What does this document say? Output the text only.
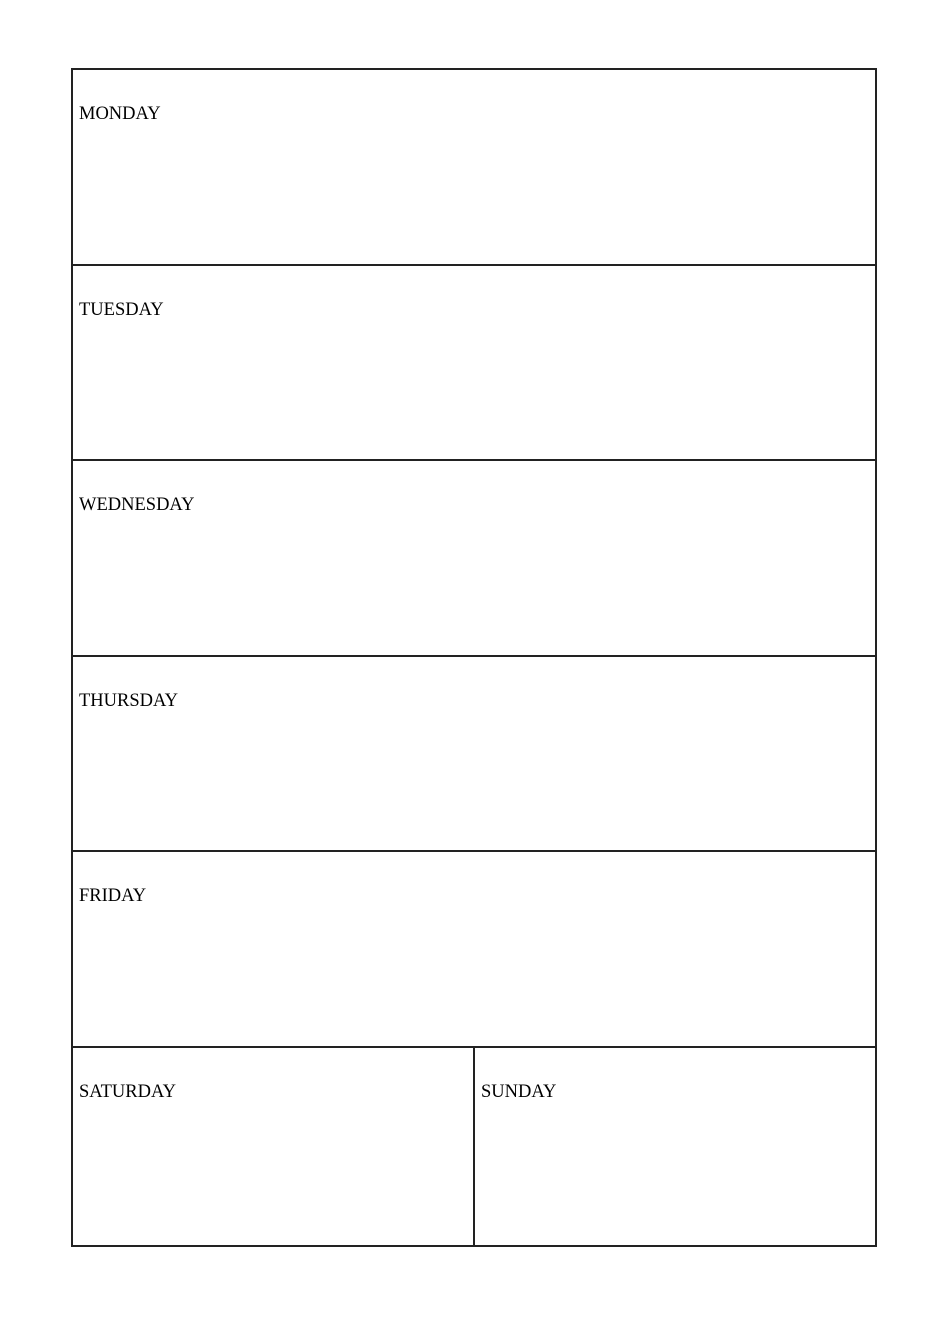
MONDAY
TUESDAY
WEDNESDAY
THURSDAY
FRIDAY
SATURDAY	SUNDAY
